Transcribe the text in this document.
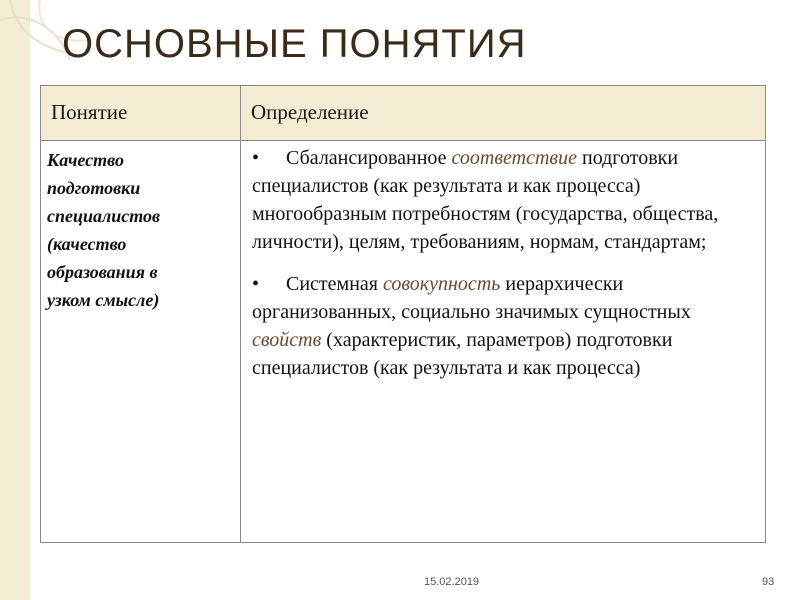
ОСНОВНЫЕ ПОНЯТИЯ
Понятие	Определение
Качество
подготовки
специалистов
(качество
образования в
узком смысле)
• Сбалансированное соответствие подготовки специалистов (как результата и как процесса) многообразным потребностям (государства, общества, личности), целям, требованиям, нормам, стандартам;
• Системная совокупность иерархически организованных, социально значимых сущностных свойств (характеристик, параметров) подготовки специалистов (как результата и как процесса)
15.02.2019	93
